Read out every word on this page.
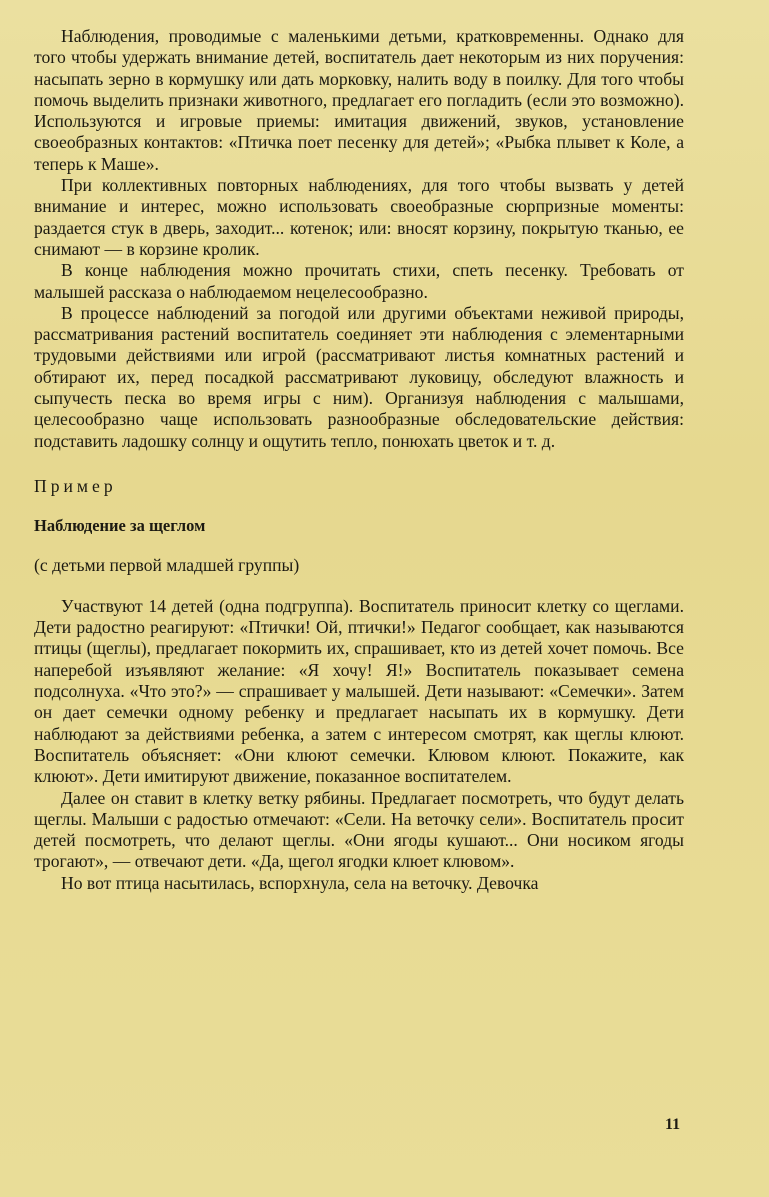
Наблюдения, проводимые с маленькими детьми, кратковременны. Однако для того чтобы удержать внимание детей, воспитатель дает некоторым из них поручения: насыпать зерно в кормушку или дать морковку, налить воду в поилку. Для того чтобы помочь выделить признаки животного, предлагает его погладить (если это возможно). Используются и игровые приемы: имитация движений, звуков, установление своеобразных контактов: «Птичка поет песенку для детей»; «Рыбка плывет к Коле, а теперь к Маше».

При коллективных повторных наблюдениях, для того чтобы вызвать у детей внимание и интерес, можно использовать своеобразные сюрпризные моменты: раздается стук в дверь, заходит... котенок; или: вносят корзину, покрытую тканью, ее снимают — в корзине кролик.

В конце наблюдения можно прочитать стихи, спеть песенку. Требовать от малышей рассказа о наблюдаемом нецелесообразно.

В процессе наблюдений за погодой или другими объектами неживой природы, рассматривания растений воспитатель соединяет эти наблюдения с элементарными трудовыми действиями или игрой (рассматривают листья комнатных растений и обтирают их, перед посадкой рассматривают луковицу, обследуют влажность и сыпучесть песка во время игры с ним). Организуя наблюдения с малышами, целесообразно чаще использовать разнообразные обследовательские действия: подставить ладошку солнцу и ощутить тепло, понюхать цветок и т. д.

Пример
Наблюдение за щеглом
(с детьми первой младшей группы)

Участвуют 14 детей (одна подгруппа). Воспитатель приносит клетку со щеглами. Дети радостно реагируют: «Птички! Ой, птички!» Педагог сообщает, как называются птицы (щеглы), предлагает покормить их, спрашивает, кто из детей хочет помочь. Все наперебой изъявляют желание: «Я хочу! Я!» Воспитатель показывает семена подсолнуха. «Что это?» — спрашивает у малышей. Дети называют: «Семечки». Затем он дает семечки одному ребенку и предлагает насыпать их в кормушку. Дети наблюдают за действиями ребенка, а затем с интересом смотрят, как щеглы клюют. Воспитатель объясняет: «Они клюют семечки. Клювом клюют. Покажите, как клюют». Дети имитируют движение, показанное воспитателем.

Далее он ставит в клетку ветку рябины. Предлагает посмотреть, что будут делать щеглы. Малыши с радостью отмечают: «Сели. На веточку сели». Воспитатель просит детей посмотреть, что делают щеглы. «Они ягоды кушают... Они носиком ягоды трогают», — отвечают дети. «Да, щегол ягодки клюет клювом».

Но вот птица насытилась, вспорхнула, села на веточку. Девочка

11
